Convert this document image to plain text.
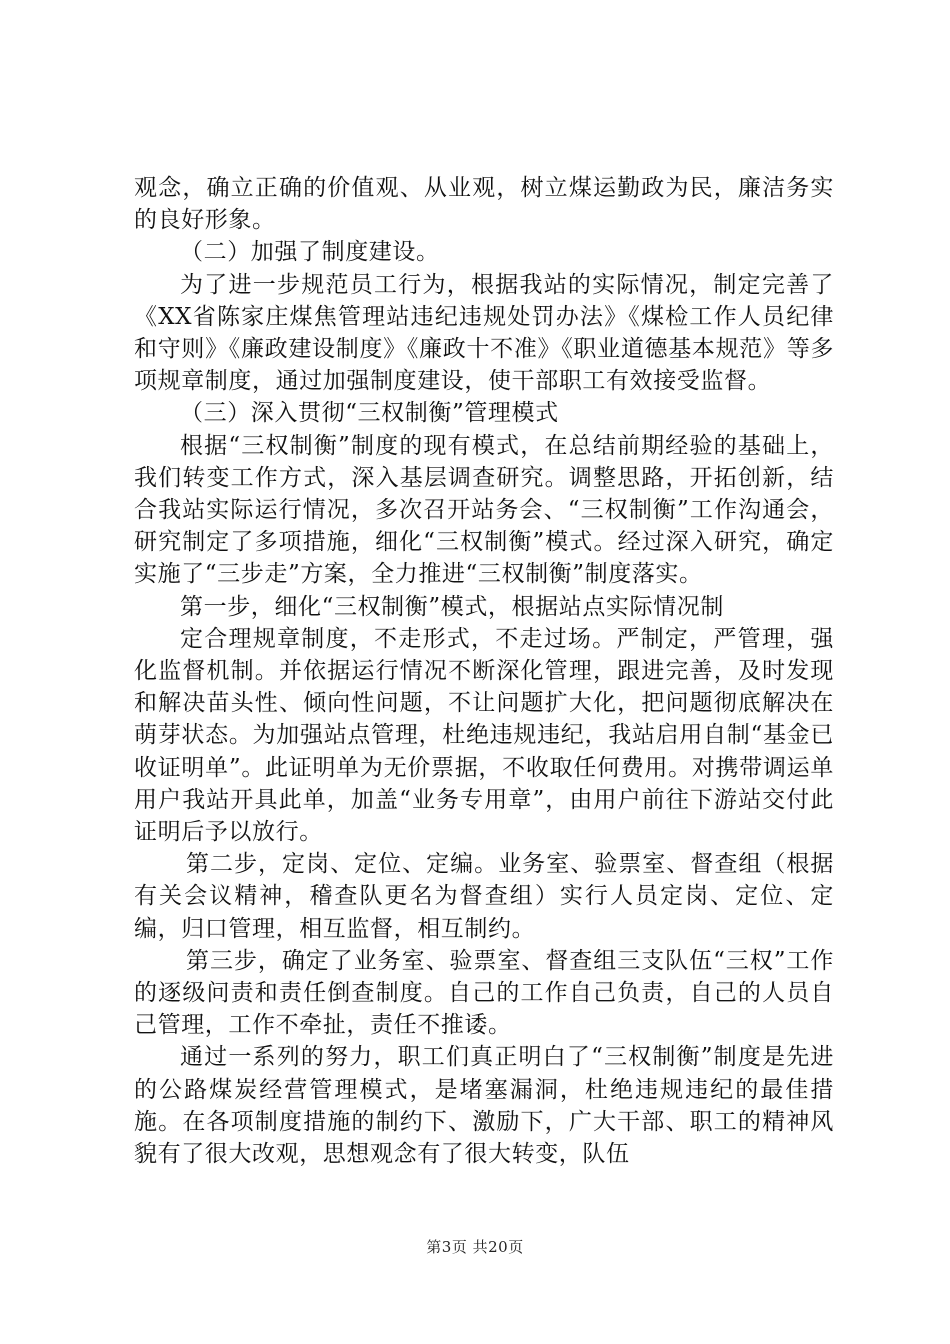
观念，确立正确的价值观、从业观，树立煤运勤政为民，廉洁务实的良好形象。

（二）加强了制度建设。

为了进一步规范员工行为，根据我站的实际情况，制定完善了《XX省陈家庄煤焦管理站违纪违规处罚办法》《煤检工作人员纪律和守则》《廉政建设制度》《廉政十不准》《职业道德基本规范》等多项规章制度，通过加强制度建设，使干部职工有效接受监督。

（三）深入贯彻“三权制衡”管理模式

根据“三权制衡”制度的现有模式，在总结前期经验的基础上，我们转变工作方式，深入基层调查研究。调整思路，开拓创新，结合我站实际运行情况，多次召开站务会、“三权制衡”工作沟通会，研究制定了多项措施，细化“三权制衡”模式。经过深入研究，确定实施了“三步走”方案，全力推进“三权制衡”制度落实。

第一步，细化“三权制衡”模式，根据站点实际情况制

定合理规章制度，不走形式，不走过场。严制定，严管理，强化监督机制。并依据运行情况不断深化管理，跟进完善，及时发现和解决苗头性、倾向性问题，不让问题扩大化，把问题彻底解决在萌芽状态。为加强站点管理，杜绝违规违纪，我站启用自制“基金已收证明单”。此证明单为无价票据，不收取任何费用。对携带调运单用户我站开具此单，加盖“业务专用章”，由用户前往下游站交付此证明后予以放行。

第二步，定岗、定位、定编。业务室、验票室、督查组（根据有关会议精神，稽查队更名为督查组）实行人员定岗、定位、定编，归口管理，相互监督，相互制约。

第三步，确定了业务室、验票室、督查组三支队伍“三权”工作的逐级问责和责任倒查制度。自己的工作自己负责，自己的人员自己管理，工作不牵扯，责任不推诿。

通过一系列的努力，职工们真正明白了“三权制衡”制度是先进的公路煤炭经营管理模式，是堵塞漏洞，杜绝违规违纪的最佳措施。在各项制度措施的制约下、激励下，广大干部、职工的精神风貌有了很大改观，思想观念有了很大转变，队伍

第3页 共20页
